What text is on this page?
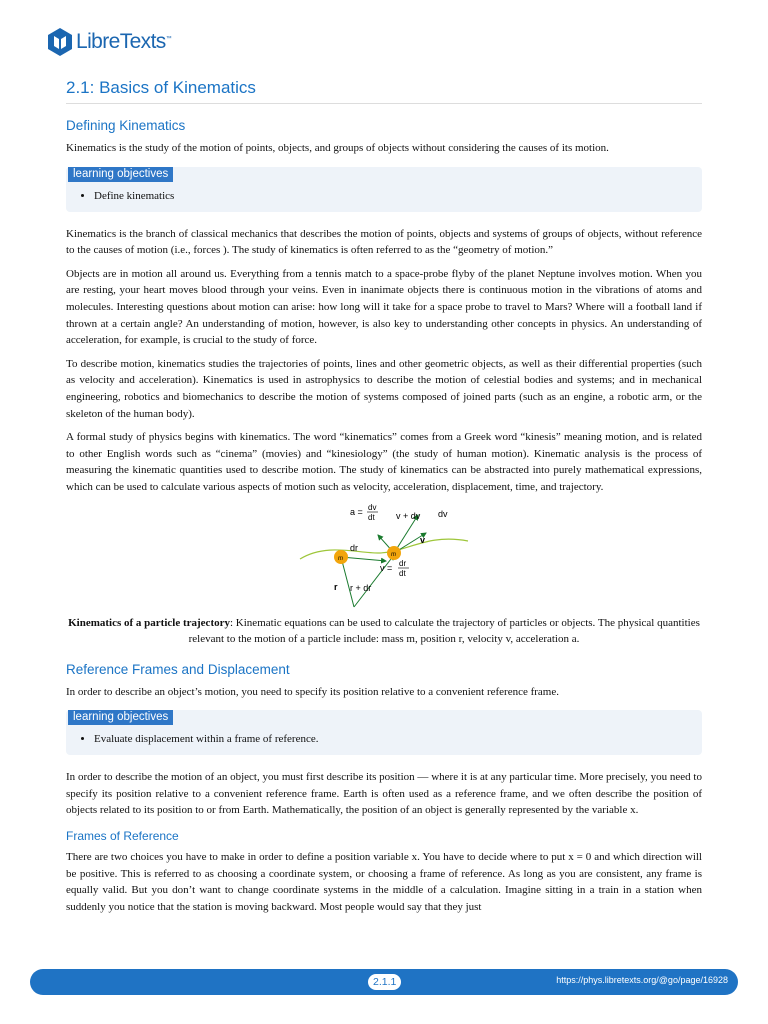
LibreTexts™
2.1: Basics of Kinematics
Defining Kinematics

Kinematics is the study of the motion of points, objects, and groups of objects without considering the causes of its motion.

learning objectives
• Define kinematics

Kinematics is the branch of classical mechanics that describes the motion of points, objects and systems of groups of objects, without reference to the causes of motion (i.e., forces ). The study of kinematics is often referred to as the “geometry of motion.”

Objects are in motion all around us. Everything from a tennis match to a space-probe flyby of the planet Neptune involves motion. When you are resting, your heart moves blood through your veins. Even in inanimate objects there is continuous motion in the vibrations of atoms and molecules. Interesting questions about motion can arise: how long will it take for a space probe to travel to Mars? Where will a football land if thrown at a certain angle? An understanding of motion, however, is also key to understanding other concepts in physics. An understanding of acceleration, for example, is crucial to the study of force.

To describe motion, kinematics studies the trajectories of points, lines and other geometric objects, as well as their differential properties (such as velocity and acceleration). Kinematics is used in astrophysics to describe the motion of celestial bodies and systems; and in mechanical engineering, robotics and biomechanics to describe the motion of systems composed of joined parts (such as an engine, a robotic arm, or the skeleton of the human body).

A formal study of physics begins with kinematics. The word “kinematics” comes from a Greek word “kinesis” meaning motion, and is related to other English words such as “cinema” (movies) and “kinesiology” (the study of human motion). Kinematic analysis is the process of measuring the kinematic quantities used to describe motion. The study of kinematics can be abstracted into purely mathematical expressions, which can be used to calculate various aspects of motion such as velocity, acceleration, displacement, time, and trajectory.

m
m
a = dv
dt v + dv dv
v
dr
v = dr
dt
r r + dr

Kinematics of a particle trajectory: Kinematic equations can be used to calculate the trajectory of particles or objects. The physical quantities relevant to the motion of a particle include: mass m, position r, velocity v, acceleration a.

Reference Frames and Displacement

In order to describe an object’s motion, you need to specify its position relative to a convenient reference frame.

learning objectives
• Evaluate displacement within a frame of reference.

In order to describe the motion of an object, you must first describe its position — where it is at any particular time. More precisely, you need to specify its position relative to a convenient reference frame. Earth is often used as a reference frame, and we often describe the position of objects related to its position to or from Earth. Mathematically, the position of an object is generally represented by the variable x.

Frames of Reference

There are two choices you have to make in order to define a position variable x. You have to decide where to put x = 0 and which direction will be positive. This is referred to as choosing a coordinate system, or choosing a frame of reference. As long as you are consistent, any frame is equally valid. But you don’t want to change coordinate systems in the middle of a calculation. Imagine sitting in a train in a station when suddenly you notice that the station is moving backward. Most people would say that they just

2.1.1	https://phys.libretexts.org/@go/page/16928
